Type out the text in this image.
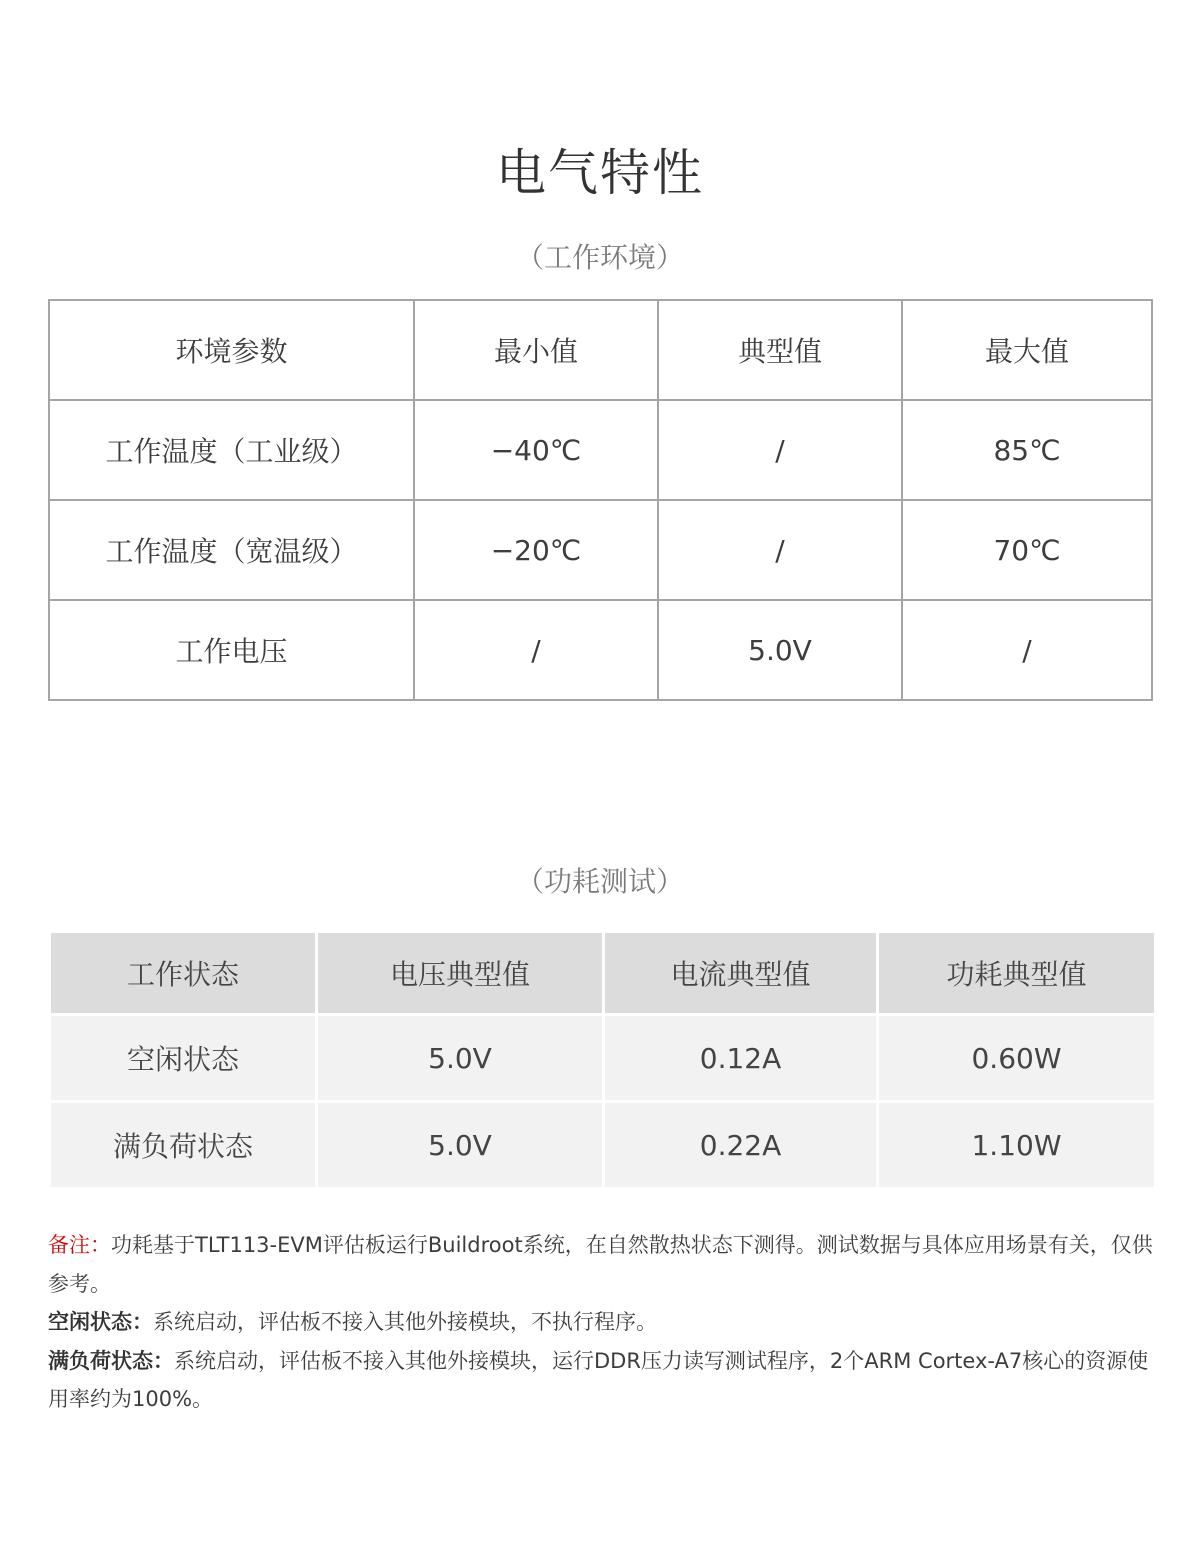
电气特性
（工作环境）
环境参数	最小值	典型值	最大值
工作温度（工业级）	−40℃	/	85℃
工作温度（宽温级）	−20℃	/	70℃
工作电压	/	5.0V	/
（功耗测试）
工作状态	电压典型值	电流典型值	功耗典型值
空闲状态	5.0V	0.12A	0.60W
满负荷状态	5.0V	0.22A	1.10W

备注：功耗基于TLT113-EVM评估板运行Buildroot系统，在自然散热状态下测得。测试数据与具体应用场景有关，仅供参考。

空闲状态：系统启动，评估板不接入其他外接模块，不执行程序。

满负荷状态：系统启动，评估板不接入其他外接模块，运行DDR压力读写测试程序，2个ARM Cortex-A7核心的资源使用率约为100%。
